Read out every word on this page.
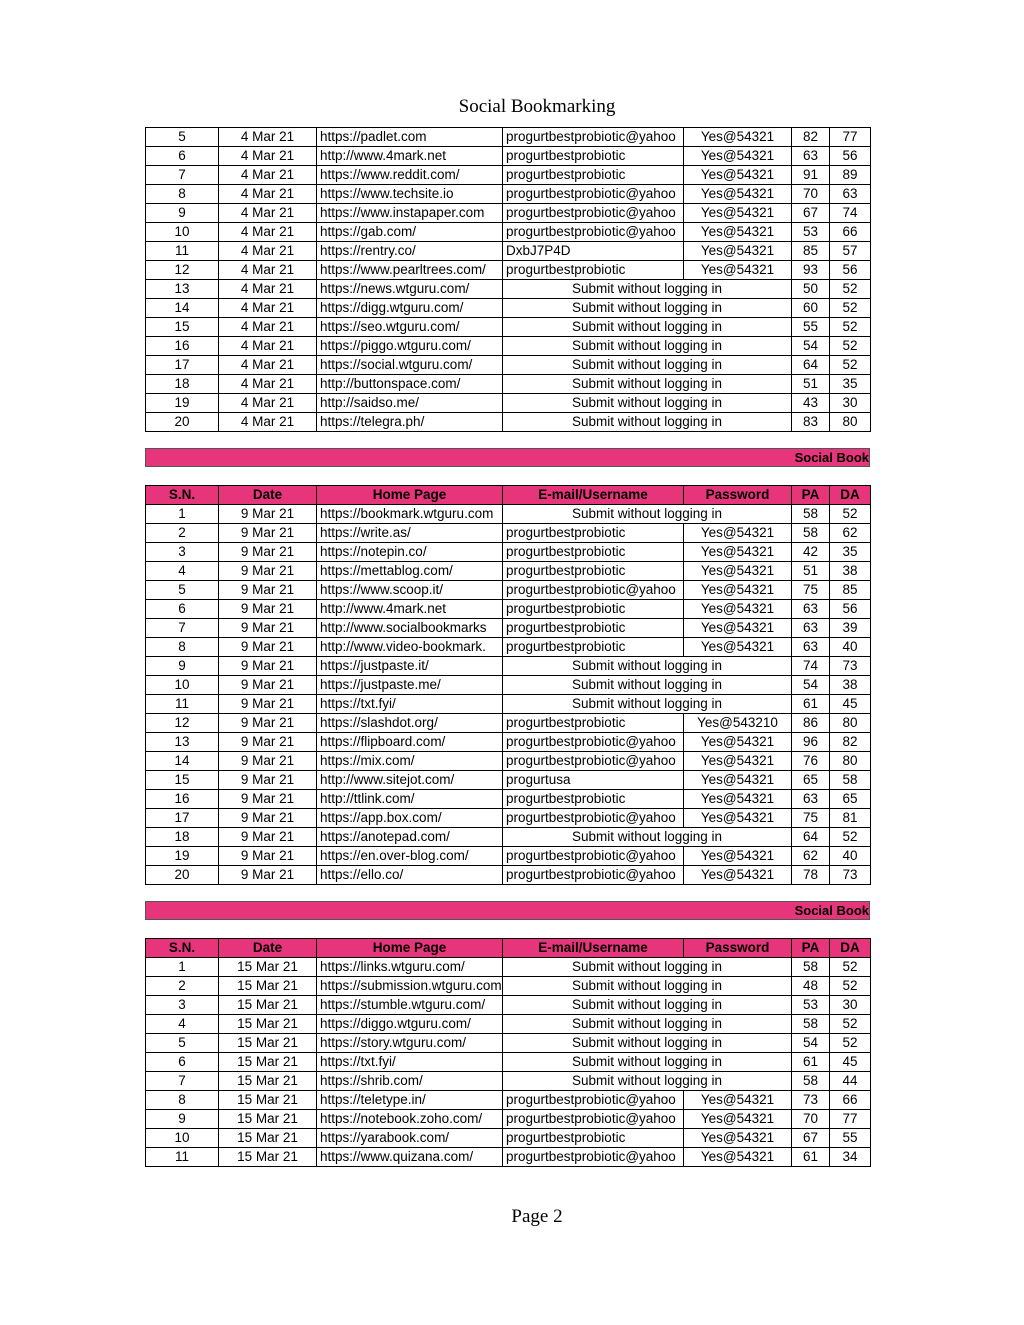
Social Bookmarking
5	4 Mar 21	https://padlet.com	progurtbestprobiotic@yahoo	Yes@54321	82	77
6	4 Mar 21	http://www.4mark.net	progurtbestprobiotic	Yes@54321	63	56
7	4 Mar 21	https://www.reddit.com/	progurtbestprobiotic	Yes@54321	91	89
8	4 Mar 21	https://www.techsite.io	progurtbestprobiotic@yahoo	Yes@54321	70	63
9	4 Mar 21	https://www.instapaper.com	progurtbestprobiotic@yahoo	Yes@54321	67	74
10	4 Mar 21	https://gab.com/	progurtbestprobiotic@yahoo	Yes@54321	53	66
11	4 Mar 21	https://rentry.co/	DxbJ7P4D	Yes@54321	85	57
12	4 Mar 21	https://www.pearltrees.com/	progurtbestprobiotic	Yes@54321	93	56
13	4 Mar 21	https://news.wtguru.com/	Submit without logging in		50	52
14	4 Mar 21	https://digg.wtguru.com/	Submit without logging in		60	52
15	4 Mar 21	https://seo.wtguru.com/	Submit without logging in		55	52
16	4 Mar 21	https://piggo.wtguru.com/	Submit without logging in		54	52
17	4 Mar 21	https://social.wtguru.com/	Submit without logging in		64	52
18	4 Mar 21	http://buttonspace.com/	Submit without logging in		51	35
19	4 Mar 21	http://saidso.me/	Submit without logging in		43	30
20	4 Mar 21	https://telegra.ph/	Submit without logging in		83	80
Social Book
S.N.	Date	Home Page	E-mail/Username	Password	PA	DA
1	9 Mar 21	https://bookmark.wtguru.com	Submit without logging in		58	52
2	9 Mar 21	https://write.as/	progurtbestprobiotic	Yes@54321	58	62
3	9 Mar 21	https://notepin.co/	progurtbestprobiotic	Yes@54321	42	35
4	9 Mar 21	https://mettablog.com/	progurtbestprobiotic	Yes@54321	51	38
5	9 Mar 21	https://www.scoop.it/	progurtbestprobiotic@yahoo	Yes@54321	75	85
6	9 Mar 21	http://www.4mark.net	progurtbestprobiotic	Yes@54321	63	56
7	9 Mar 21	http://www.socialbookmarks	progurtbestprobiotic	Yes@54321	63	39
8	9 Mar 21	http://www.video-bookmark.	progurtbestprobiotic	Yes@54321	63	40
9	9 Mar 21	https://justpaste.it/	Submit without logging in		74	73
10	9 Mar 21	https://justpaste.me/	Submit without logging in		54	38
11	9 Mar 21	https://txt.fyi/	Submit without logging in		61	45
12	9 Mar 21	https://slashdot.org/	progurtbestprobiotic	Yes@543210	86	80
13	9 Mar 21	https://flipboard.com/	progurtbestprobiotic@yahoo	Yes@54321	96	82
14	9 Mar 21	https://mix.com/	progurtbestprobiotic@yahoo	Yes@54321	76	80
15	9 Mar 21	http://www.sitejot.com/	progurtusa	Yes@54321	65	58
16	9 Mar 21	http://ttlink.com/	progurtbestprobiotic	Yes@54321	63	65
17	9 Mar 21	https://app.box.com/	progurtbestprobiotic@yahoo	Yes@54321	75	81
18	9 Mar 21	https://anotepad.com/	Submit without logging in		64	52
19	9 Mar 21	https://en.over-blog.com/	progurtbestprobiotic@yahoo	Yes@54321	62	40
20	9 Mar 21	https://ello.co/	progurtbestprobiotic@yahoo	Yes@54321	78	73
Social Book
S.N.	Date	Home Page	E-mail/Username	Password	PA	DA
1	15 Mar 21	https://links.wtguru.com/	Submit without logging in		58	52
2	15 Mar 21	https://submission.wtguru.com	Submit without logging in		48	52
3	15 Mar 21	https://stumble.wtguru.com/	Submit without logging in		53	30
4	15 Mar 21	https://diggo.wtguru.com/	Submit without logging in		58	52
5	15 Mar 21	https://story.wtguru.com/	Submit without logging in		54	52
6	15 Mar 21	https://txt.fyi/	Submit without logging in		61	45
7	15 Mar 21	https://shrib.com/	Submit without logging in		58	44
8	15 Mar 21	https://teletype.in/	progurtbestprobiotic@yahoo	Yes@54321	73	66
9	15 Mar 21	https://notebook.zoho.com/	progurtbestprobiotic@yahoo	Yes@54321	70	77
10	15 Mar 21	https://yarabook.com/	progurtbestprobiotic	Yes@54321	67	55
11	15 Mar 21	https://www.quizana.com/	progurtbestprobiotic@yahoo	Yes@54321	61	34
Page 2
